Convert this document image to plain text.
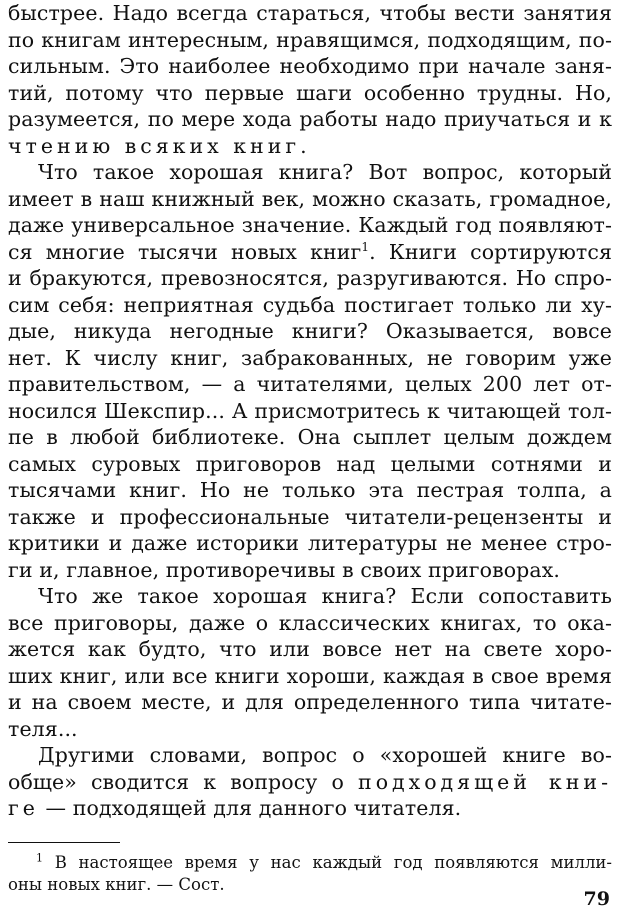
быстрее. Надо всегда стараться, чтобы вести занятия
по книгам интересным, нравящимся, подходящим, по-
сильным. Это наиболее необходимо при начале заня-
тий, потому что первые шаги особенно трудны. Но,
разумеется, по мере хода работы надо приучаться и к
чтению всяких книг.
Что такое хорошая книга? Вот вопрос, который
имеет в наш книжный век, можно сказать, громадное,
даже универсальное значение. Каждый год появляют-
ся многие тысячи новых книг$^1$. Книги сортируются
и бракуются, превозносятся, разругиваются. Но спро-
сим себя: неприятная судьба постигает только ли ху-
дые, никуда негодные книги? Оказывается, вовсе
нет. К числу книг, забракованных, не говорим уже
правительством, — а читателями, целых 200 лет от-
носился Шекспир... А присмотритесь к читающей тол-
пе в любой библиотеке. Она сыплет целым дождем
самых суровых приговоров над целыми сотнями и
тысячами книг. Но не только эта пестрая толпа, а
также и профессиональные читатели-рецензенты и
критики и даже историки литературы не менее стро-
ги и, главное, противоречивы в своих приговорах.
Что же такое хорошая книга? Если сопоставить
все приговоры, даже о классических книгах, то ока-
жется как будто, что или вовсе нет на свете хоро-
ших книг, или все книги хороши, каждая в свое время
и на своем месте, и для определенного типа читате-
теля...
Другими словами, вопрос о «хорошей книге во-
обще» сводится к вопросу о подходящей кни-
ге — подходящей для данного читателя.
$^1$ В настоящее время у нас каждый год появляются милли-
оны новых книг. — Сост.
79
